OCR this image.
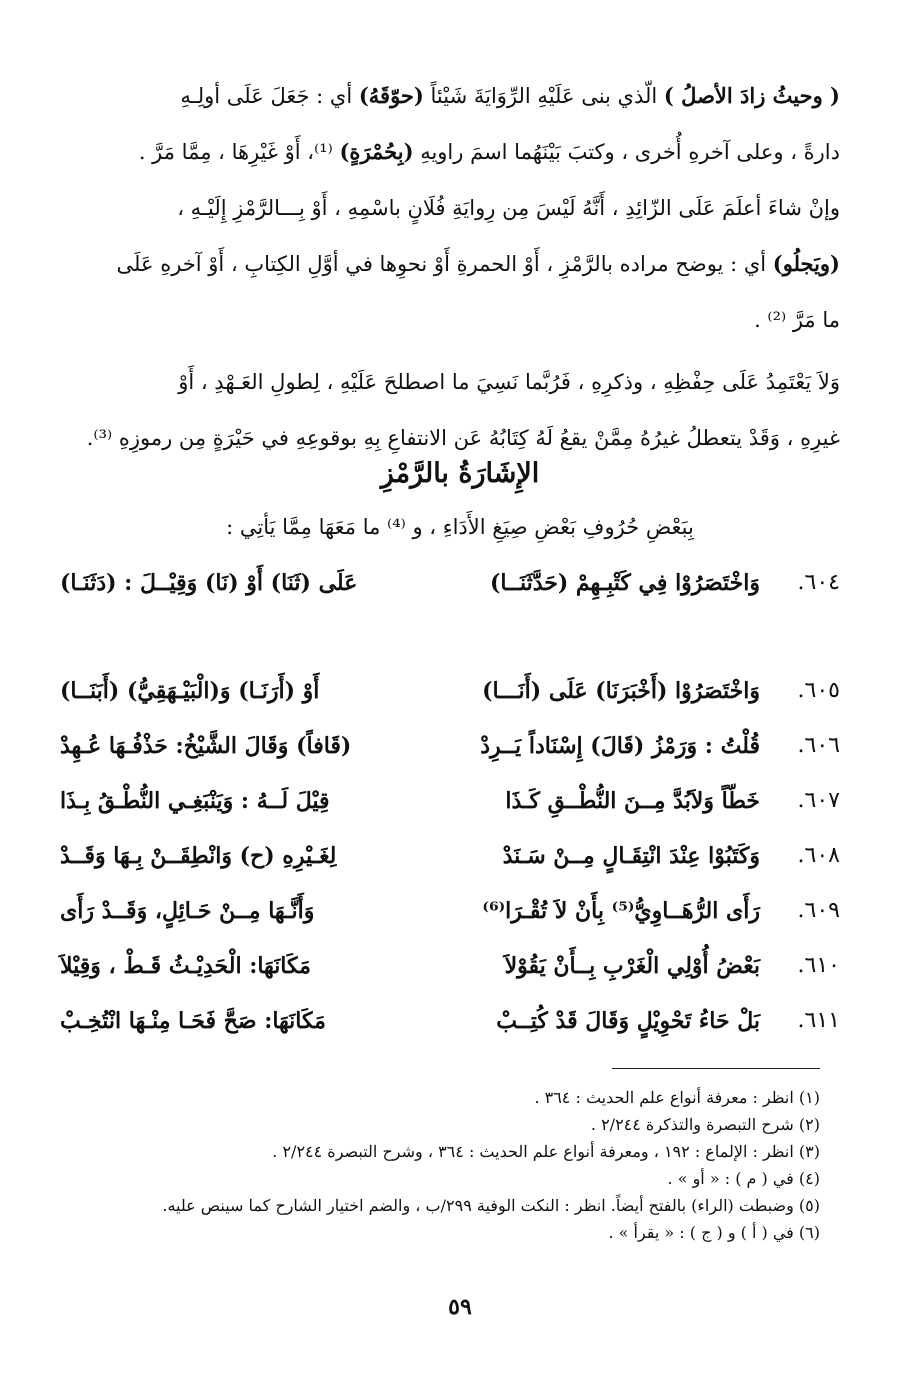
( وحيثُ زادَ الأصلُ ) الّذي بنى عَلَيْهِ الرِّوَايَةَ شَيْئاً (حوّقَهُ) أي : جَعَلَ عَلَى أولِـهِ
دارةً ، وعلى آخرهِ أُخرى ، وكتبَ بَيْنَهُما اسمَ راويهِ (بِحُمْرَةٍ) ⁽¹⁾، أَوْ غَيْرِهَا ، مِمَّا مَرَّ .
وإنْ شاءَ أعلَمَ عَلَى الزّائِدِ ، أَنَّهُ لَيْسَ مِن رِوايَةِ فُلَانٍ باسْمِهِ ، أَوْ بِـــالرَّمْزِ إِلَيْـهِ ،
(ويَجلُو) أي : يوضح مراده بالرَّمْزِ ، أَوْ الحمرةِ أَوْ نحوِها في أوَّلِ الكِتابِ ، أَوْ آخرهِ عَلَى
ما مَرَّ ⁽²⁾ .
وَلاَ يَعْتَمِدُ عَلَى حِفْظِهِ ، وذكرِهِ ، فَرُبَّما نَسِيَ ما اصطلحَ عَلَيْهِ ، لِطولِ العَـهْدِ ، أَوْ
غيرِهِ ، وَقَدْ يتعطلُ غيرُهُ مِمَّنْ يقعُ لَهُ كِتَابُهُ عَن الانتفاعِ بِهِ بوقوعِهِ في حَيْرَةٍ مِن رموزِهِ ⁽³⁾.
الإِشَارَةُ بالرَّمْزِ
بِبَعْضِ حُرُوفِ بَعْضِ صِيَغِ الأَدَاءِ ، و ⁽⁴⁾ ما مَعَهَا مِمَّا يَأتِي :
٦٠٤.
وَاخْتَصَرُوْا فِي كَتْبِـهِمْ (حَدَّثَنَــا)
عَلَى (ثَنَا) أَوْ (نَا) وَقِيْــلَ : (دَثَنَـا)
٦٠٥.
وَاخْتَصَرُوْا (أَخْبَرَنَا) عَلَى (أَنَـــا)
أَوْ (أَرَنَـا) وَ(الْبَيْـهَقِيُّ) (أَبَنَــا)
٦٠٦.
قُلْتُ : وَرَمْزُ (قَالَ) إِسْنَاداً يَــرِدْ
(قَافاً) وَقَالَ الشَّيْخُ: حَذْفُـهَا عُـهِدْ
٦٠٧.
خَطّاً وَلاَبُدَّ مِــنَ النُّطْــقِ كَـذَا
قِيْلَ لَــهُ : وَيَنْبَغِـي النُّطْـقُ بِـذَا
٦٠٨.
وَكَتَبُوْا عِنْدَ انْتِقَـالٍ مِــنْ سَـنَدْ
لِغَـيْرِهِ (ح) وَانْطِقَــنْ بِـهَا وَقَــدْ
٦٠٩.
رَأَى الرُّهَــاوِيُّ⁽⁵⁾ بِأَنْ لاَ تُقْـرَا⁽⁶⁾
وَأَنَّـهَا مِــنْ حَـائِلٍ، وَقَــدْ رَأَى
٦١٠.
بَعْضُ أُوْلِي الْغَرْبِ بِــأَنْ يَقُوْلاَ
مَكَانَهَا: الْحَدِيْـثُ قَـطْ ، وَقِيْلاَ
٦١١.
بَلْ حَاءُ تَحْوِيْلٍ وَقَالَ قَدْ كُتِــبْ
مَكَانَهَا: صَحَّ فَحَـا مِنْـهَا انْتُخِـبْ
(١) انظر : معرفة أنواع علم الحديث : ٣٦٤ .
(٢) شرح التبصرة والتذكرة ٢/٢٤٤ .
(٣) انظر : الإلماع : ١٩٢ ، ومعرفة أنواع علم الحديث : ٣٦٤ ، وشرح التبصرة ٢/٢٤٤ .
(٤) في ( م ) : « أو » .
(٥) وضبطت (الراء) بالفتح أيضاً. انظر : النكت الوفية ٢٩٩/ب ، والضم اختيار الشارح كما سينص عليه.
(٦) في ( أ ) و ( ج ) : « يقرأ » .
٥٩
